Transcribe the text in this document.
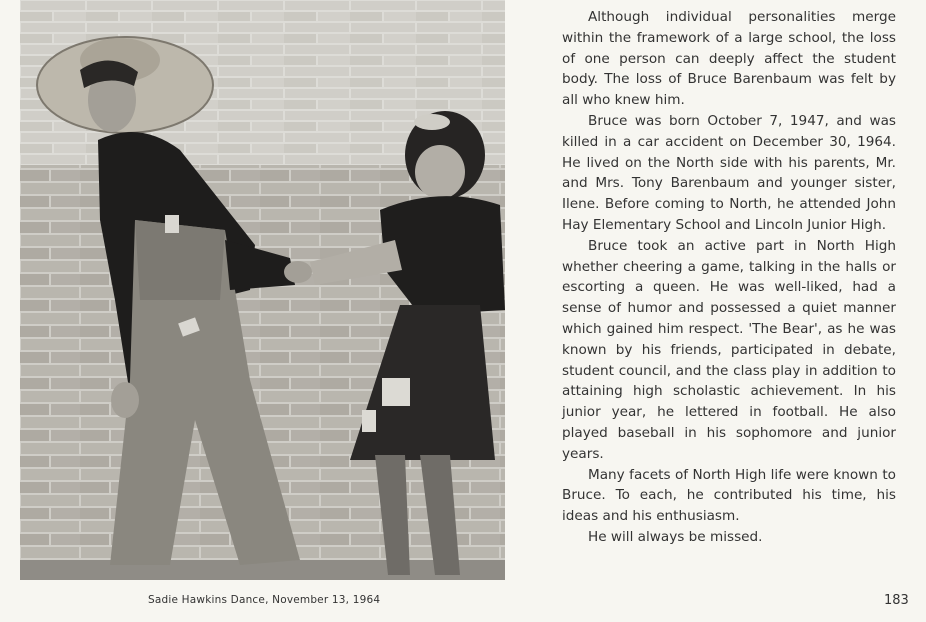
Sadie Hawkins Dance, November 13, 1964

Although individual personalities merge within the framework of a large school, the loss of one person can deeply affect the student body. The loss of Bruce Barenbaum was felt by all who knew him.

Bruce was born October 7, 1947, and was killed in a car accident on December 30, 1964. He lived on the North side with his parents, Mr. and Mrs. Tony Barenbaum and younger sister, Ilene. Before coming to North, he attended John Hay Elementary School and Lincoln Junior High.

Bruce took an active part in North High whether cheering a game, talking in the halls or escorting a queen. He was well-liked, had a sense of humor and possessed a quiet manner which gained him respect. 'The Bear', as he was known by his friends, participated in debate, student council, and the class play in addition to attaining high scholastic achievement. In his junior year, he lettered in football. He also played baseball in his sophomore and junior years.

Many facets of North High life were known to Bruce. To each, he contributed his time, his ideas and his enthusiasm.

He will always be missed.

183
